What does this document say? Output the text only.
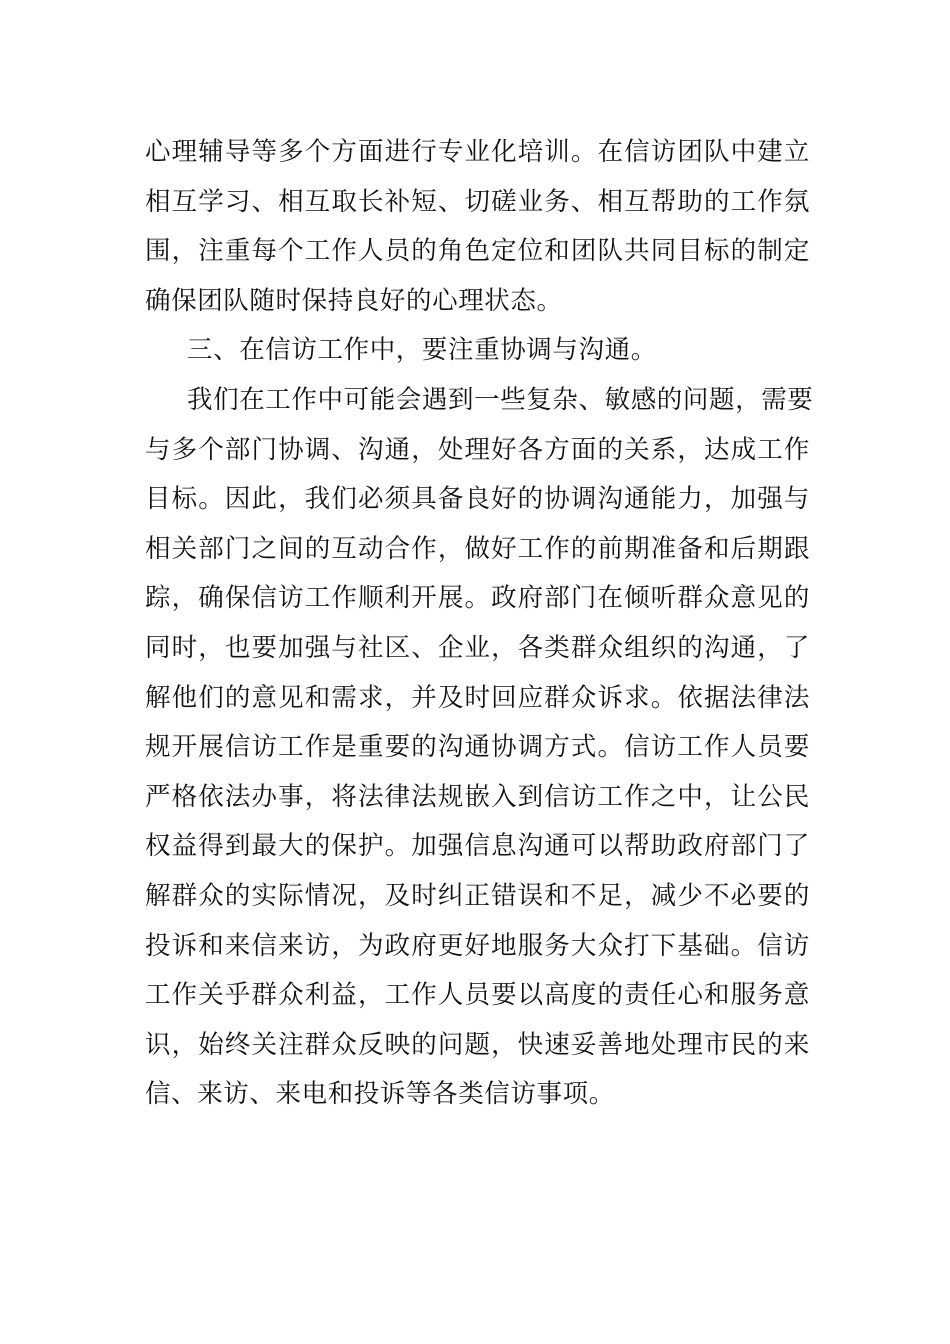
心理辅导等多个方面进行专业化培训。在信访团队中建立
相互学习、相互取长补短、切磋业务、相互帮助的工作氛
围，注重每个工作人员的角色定位和团队共同目标的制定
确保团队随时保持良好的心理状态。
三、在信访工作中，要注重协调与沟通。
我们在工作中可能会遇到一些复杂、敏感的问题，需要
与多个部门协调、沟通，处理好各方面的关系，达成工作
目标。因此，我们必须具备良好的协调沟通能力，加强与
相关部门之间的互动合作，做好工作的前期准备和后期跟
踪，确保信访工作顺利开展。政府部门在倾听群众意见的
同时，也要加强与社区、企业，各类群众组织的沟通，了
解他们的意见和需求，并及时回应群众诉求。依据法律法
规开展信访工作是重要的沟通协调方式。信访工作人员要
严格依法办事，将法律法规嵌入到信访工作之中，让公民
权益得到最大的保护。加强信息沟通可以帮助政府部门了
解群众的实际情况，及时纠正错误和不足，减少不必要的
投诉和来信来访，为政府更好地服务大众打下基础。信访
工作关乎群众利益，工作人员要以高度的责任心和服务意
识，始终关注群众反映的问题，快速妥善地处理市民的来
信、来访、来电和投诉等各类信访事项。
